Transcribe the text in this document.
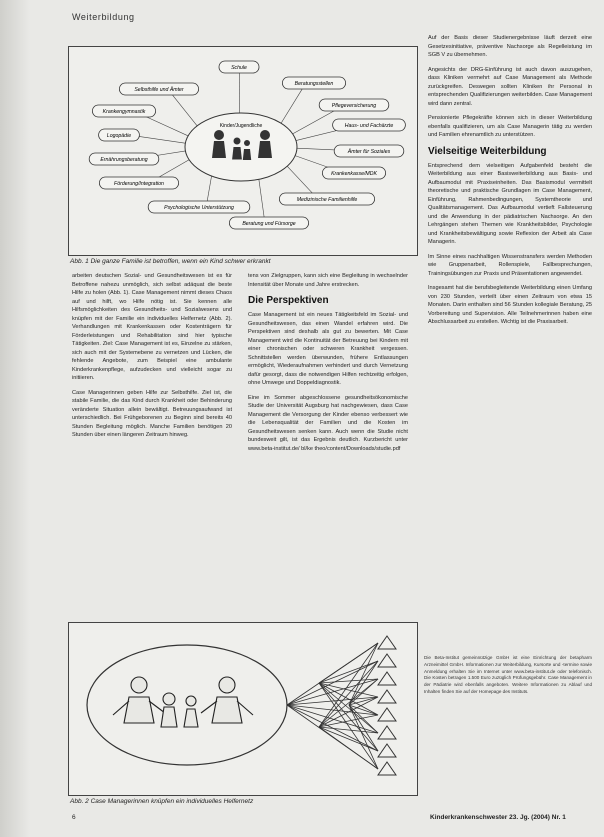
Weiterbildung
Kinder/Jugendliche
Schule
Beratungsstellen
Pflegeversicherung
Haus- und Fachärzte
Ämter für Soziales
Krankenkasse/MDK
Medizinische Familienhilfe
Beratung und Fürsorge
Psychologische Unterstützung
Förderung/Integration
Ernährungsberatung
Logopädie
Krankengymnastik
Selbsthilfe und Ämter
Abb. 1 Die ganze Familie ist betroffen, wenn ein Kind schwer erkrankt

arbeiten deutschen Sozial- und Gesundheitswesen ist es für Betroffene nahezu unmöglich, sich selbst adäquat die beste Hilfe zu holen (Abb. 1). Case Management nimmt dieses Chaos auf und hilft, wo Hilfe nötig ist. Sie kennen alle Hilfsmöglichkeiten des Gesundheits- und Sozialwesens und knüpfen mit der Familie ein individuelles Helfernetz (Abb. 2). Verhandlungen mit Krankenkassen oder Kostenträgern für Förderleistungen und Rehabilitation sind hier typische Tätigkeiten. Ziel: Case Management ist es, Einzelne zu stärken, sich auch mit der Systemebene zu vernetzen und Lücken, die fehlende Angebote, zum Beispiel eine ambulante Kinderkrankenpflege, aufzudecken und vielleicht sogar zu initiieren.

Case Managerinnen geben Hilfe zur Selbsthilfe. Ziel ist, die stabile Familie, die das Kind durch Krankheit oder Behinderung veränderte Situation allein bewältigt. Betreuungsaufwand ist unterschiedlich. Bei Frühgeborenen zu Beginn sind bereits 40 Stunden Begleitung möglich. Manche Familien benötigen 20 Stunden über einen längeren Zeitraum hinweg.

tens von Zielgruppen, kann sich eine Begleitung in wechselnder Intensität über Monate und Jahre erstrecken.

Die Perspektiven

Case Management ist ein neues Tätigkeitsfeld im Sozial- und Gesundheitswesen, das einen Wandel erfahren wird. Die Perspektiven sind deshalb als gut zu bewerten. Mit Case Management wird die Kontinuität der Betreuung bei Kindern mit einer chronischen oder schweren Krankheit vergessen. Schnittstellen werden überwunden, frühere Entlassungen ermöglicht, Wiederaufnahmen verhindert und durch Vernetzung dafür gesorgt, dass die notwendigen Hilfen rechtzeitig erfolgen, ohne Umwege und Doppeldiagnostik.

Eine im Sommer abgeschlossene gesundheitsökonomische Studie der Universität Augsburg hat nachgewiesen, dass Case Management die Versorgung der Kinder ebenso verbessert wie die Lebensqualität der Familien und die Kosten im Gesundheitswesen senken kann. Auch wenn die Studie nicht bundesweit gilt, ist das Ergebnis deutlich. Kurzbericht unter www.beta-institut.de/ bl/ke theo/content/Downloads/studie.pdf

Auf der Basis dieser Studienergebnisse läuft derzeit eine Gesetzesinitiative, präventive Nachsorge als Regelleistung im SGB V zu übernehmen.

Angesichts der DRG-Einführung ist auch davon auszugehen, dass Kliniken vermehrt auf Case Management als Methode zurückgreifen. Deswegen sollten Kliniken ihr Personal in entsprechenden Qualifizierungen weiterbilden. Case Management wird dann zentral.

Pensionierte Pflegekräfte können sich in dieser Weiterbildung ebenfalls qualifizieren, um als Case Managerin tätig zu werden und Familien ehrenamtlich zu unterstützen.

Vielseitige Weiterbildung

Entsprechend dem vielseitigen Aufgabenfeld besteht die Weiterbildung aus einer Basisweiterbildung aus Basis- und Aufbaumodul mit Praxiseinheiten. Das Basismodul vermittelt theoretische und praktische Grundlagen im Case Management, Einführung, Rahmenbedingungen, Systemtheorie und Qualitätsmanagement. Das Aufbaumodul vertieft Fallsteuerung und die Anwendung in der pädiatrischen Nachsorge. An den Lehrgängen stehen Themen wie Krankheitsbilder, Psychologie und Krankheitsbewältigung sowie Reflexion der Arbeit als Case Managerin.

Im Sinne eines nachhaltigen Wissenstransfers werden Methoden wie Gruppenarbeit, Rollenspiele, Fallbesprechungen, Trainingsübungen zur Praxis und Präsentationen angewendet.

Insgesamt hat die berufsbegleitende Weiterbildung einen Umfang von 230 Stunden, verteilt über einen Zeitraum von etwa 15 Monaten. Darin enthalten sind 56 Stunden kollegiale Beratung, 25 Vorbereitung und Supervision. Alle Teilnehmerinnen haben eine Abschlussarbeit zu erstellen. Wichtig ist die Praxisarbeit.

Abb. 2 Case Managerinnen knüpfen ein individuelles Helfernetz
Die Beta-Institut gemeinnützige GmbH ist eine Einrichtung der betapharm Arzneimittel GmbH. Informationen zur Weiterbildung, Kursorte und -termine sowie Anmeldung erhalten Sie im Internet unter www.beta-institut.de oder telefonisch. Die Kosten betragen 1.500 Euro zuzüglich Prüfungsgebühr. Case Management in der Pädiatrie wird ebenfalls angeboten. Weitere Informationen zu Ablauf und Inhalten finden Sie auf der Homepage des Instituts.
6	Kinderkrankenschwester 23. Jg. (2004) Nr. 1
